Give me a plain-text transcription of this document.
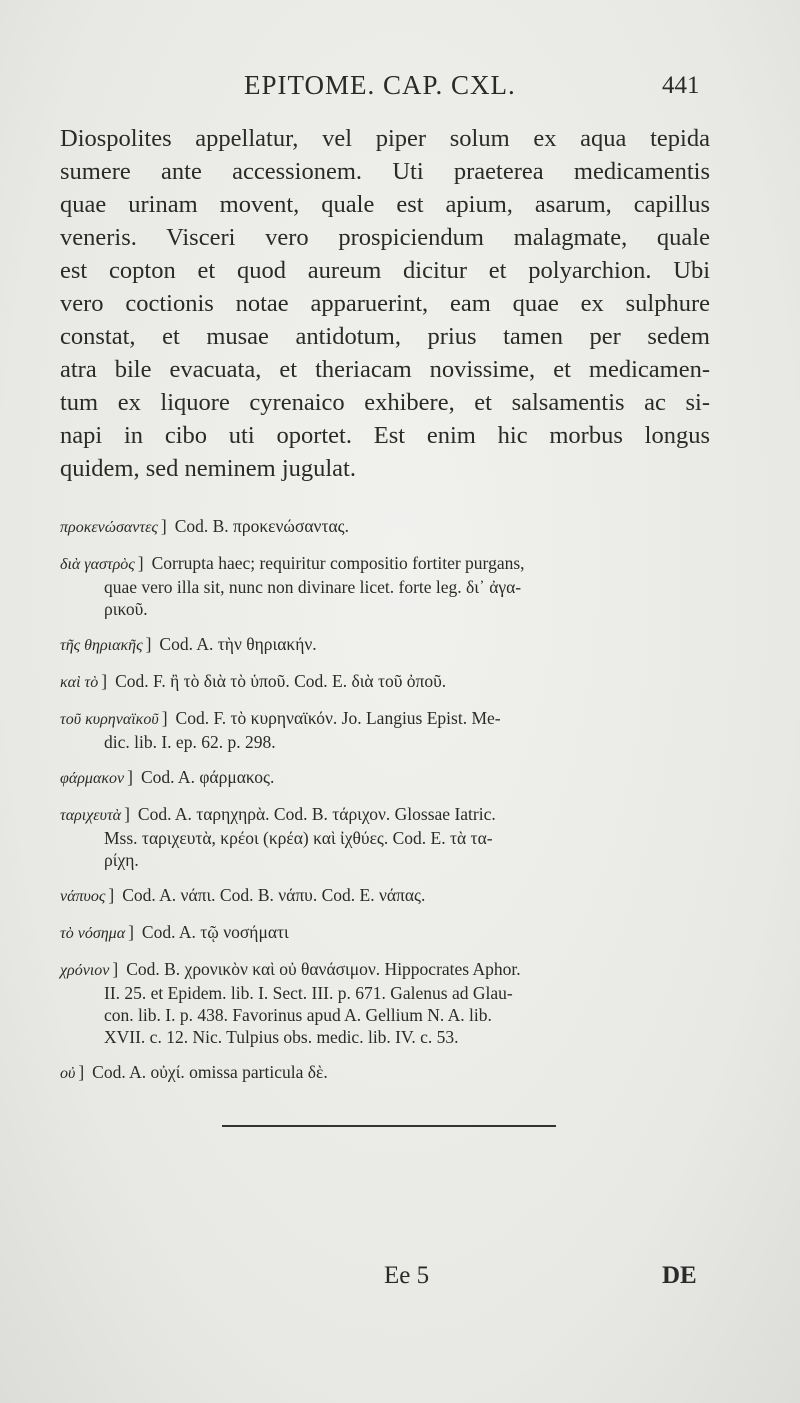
EPITOME. CAP. CXL.	441
Diospolites appellatur, vel piper solum ex aqua tepida
sumere ante accessionem. Uti praeterea medicamentis
quae urinam movent, quale est apium, asarum, capillus
veneris. Visceri vero prospiciendum malagmate, quale
est copton et quod aureum dicitur et polyarchion. Ubi
vero coctionis notae apparuerint, eam quae ex sulphure
constat, et musae antidotum, prius tamen per sedem
atra bile evacuata, et theriacam novissime, et medicamen-
tum ex liquore cyrenaico exhibere, et salsamentis ac si-
napi in cibo uti oportet. Est enim hic morbus longus
quidem, sed neminem jugulat.
προκενώσαντες ] Cod. B. προκενώσαντας.
διὰ γαστρὸς ] Corrupta haec; requiritur compositio fortiter purgans,
quae vero illa sit, nunc non divinare licet. forte leg. δι᾽ ἀγα-
ρικοῦ.
τῆς θηριακῆς ] Cod. A. τὴν θηριακήν.
καὶ τὸ ] Cod. F. ἢ τὸ διὰ τὸ ὑποῦ. Cod. E. διὰ τοῦ ὀποῦ.
τοῦ κυρηναϊκοῦ ] Cod. F. τὸ κυρηναϊκόν. Jo. Langius Epist. Me-
dic. lib. I. ep. 62. p. 298.
φάρμακον ] Cod. A. φάρμακος.
ταριχευτὰ ] Cod. A. ταρηχηρὰ. Cod. B. τάριχον. Glossae Iatric.
Mss. ταριχευτὰ, κρέοι (κρέα) καὶ ἰχθύες. Cod. E. τὰ τα-
ρίχη.
νάπυος ] Cod. A. νάπι. Cod. B. νάπυ. Cod. E. νάπας.
τὸ νόσημα ] Cod. A. τῷ νοσήματι
χρόνιον ] Cod. B. χρονικὸν καὶ οὐ θανάσιμον. Hippocrates Aphor.
II. 25. et Epidem. lib. I. Sect. III. p. 671. Galenus ad Glau-
con. lib. I. p. 438. Favorinus apud A. Gellium N. A. lib.
XVII. c. 12. Nic. Tulpius obs. medic. lib. IV. c. 53.
οὐ ] Cod. A. οὐχί. omissa particula δὲ.
Ee 5	DE
